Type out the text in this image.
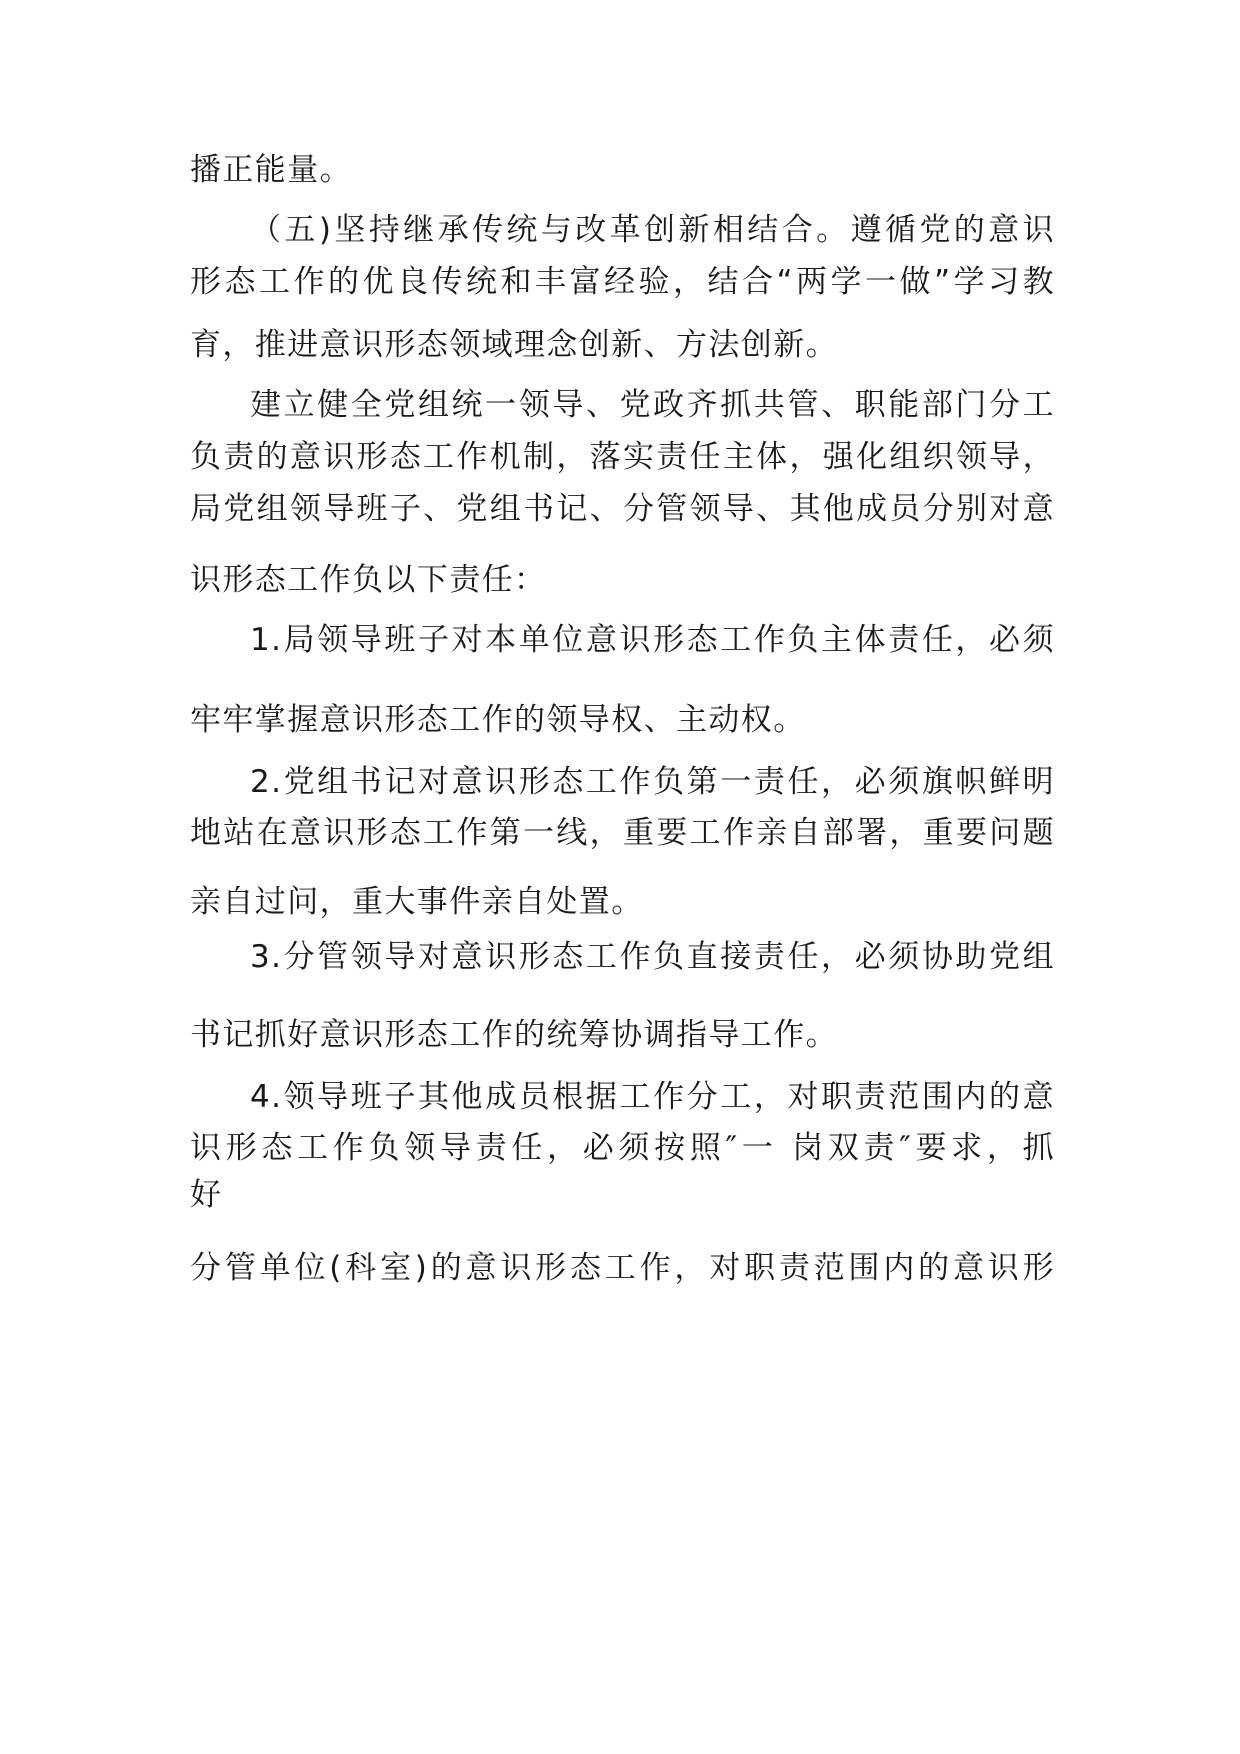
播正能量。

（五)坚持继承传统与改革创新相结合。遵循党的意识

形态工作的优良传统和丰富经验，结合“两学一做”学习教

育，推进意识形态领域理念创新、方法创新。

建立健全党组统一领导、党政齐抓共管、职能部门分工

负责的意识形态工作机制，落实责任主体，强化组织领导，

局党组领导班子、党组书记、分管领导、其他成员分别对意

识形态工作负以下责任：

1.局领导班子对本单位意识形态工作负主体责任，必须

牢牢掌握意识形态工作的领导权、主动权。

2.党组书记对意识形态工作负第一责任，必须旗帜鲜明

地站在意识形态工作第一线，重要工作亲自部署，重要问题

亲自过问，重大事件亲自处置。

3.分管领导对意识形态工作负直接责任，必须协助党组

书记抓好意识形态工作的统筹协调指导工作。

4.领导班子其他成员根据工作分工，对职责范围内的意

识形态工作负领导责任，必须按照″一 岗双责″要求，抓

好

分管单位(科室)的意识形态工作，对职责范围内的意识形
